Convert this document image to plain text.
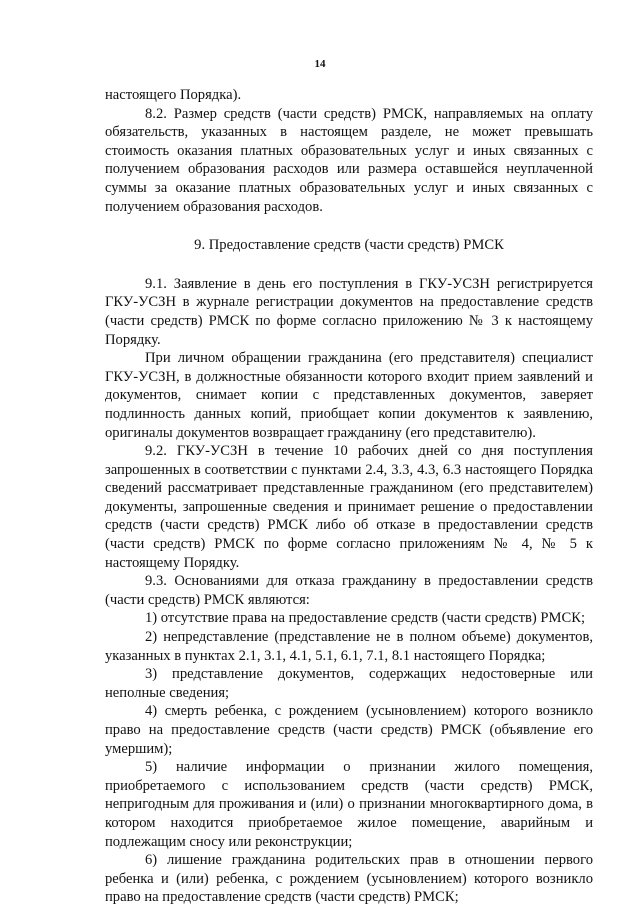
14

настоящего Порядка).

8.2. Размер средств (части средств) РМСК, направляемых на оплату обязательств, указанных в настоящем разделе, не может превышать стоимость оказания платных образовательных услуг и иных связанных с получением образования расходов или размера оставшейся неуплаченной суммы за оказание платных образовательных услуг и иных связанных с получением образования расходов.

9. Предоставление средств (части средств) РМСК

9.1. Заявление в день его поступления в ГКУ-УСЗН регистрируется ГКУ-УСЗН в журнале регистрации документов на предоставление средств (части средств) РМСК по форме согласно приложению № 3 к настоящему Порядку.

При личном обращении гражданина (его представителя) специалист ГКУ-УСЗН, в должностные обязанности которого входит прием заявлений и документов, снимает копии с представленных документов, заверяет подлинность данных копий, приобщает копии документов к заявлению, оригиналы документов возвращает гражданину (его представителю).

9.2. ГКУ-УСЗН в течение 10 рабочих дней со дня поступления запрошенных в соответствии с пунктами 2.4, 3.3, 4.3, 6.3 настоящего Порядка сведений рассматривает представленные гражданином (его представителем) документы, запрошенные сведения и принимает решение о предоставлении средств (части средств) РМСК либо об отказе в предоставлении средств (части средств) РМСК по форме согласно приложениям № 4, № 5 к настоящему Порядку.

9.3. Основаниями для отказа гражданину в предоставлении средств (части средств) РМСК являются:

1) отсутствие права на предоставление средств (части средств) РМСК;

2) непредставление (представление не в полном объеме) документов, указанных в пунктах 2.1, 3.1, 4.1, 5.1, 6.1, 7.1, 8.1 настоящего Порядка;

3) представление документов, содержащих недостоверные или неполные сведения;

4) смерть ребенка, с рождением (усыновлением) которого возникло право на предоставление средств (части средств) РМСК (объявление его умершим);

5) наличие информации о признании жилого помещения, приобретаемого с использованием средств (части средств) РМСК, непригодным для проживания и (или) о признании многоквартирного дома, в котором находится приобретаемое жилое помещение, аварийным и подлежащим сносу или реконструкции;

6) лишение гражданина родительских прав в отношении первого ребенка и (или) ребенка, с рождением (усыновлением) которого возникло право на предоставление средств (части средств) РМСК;
